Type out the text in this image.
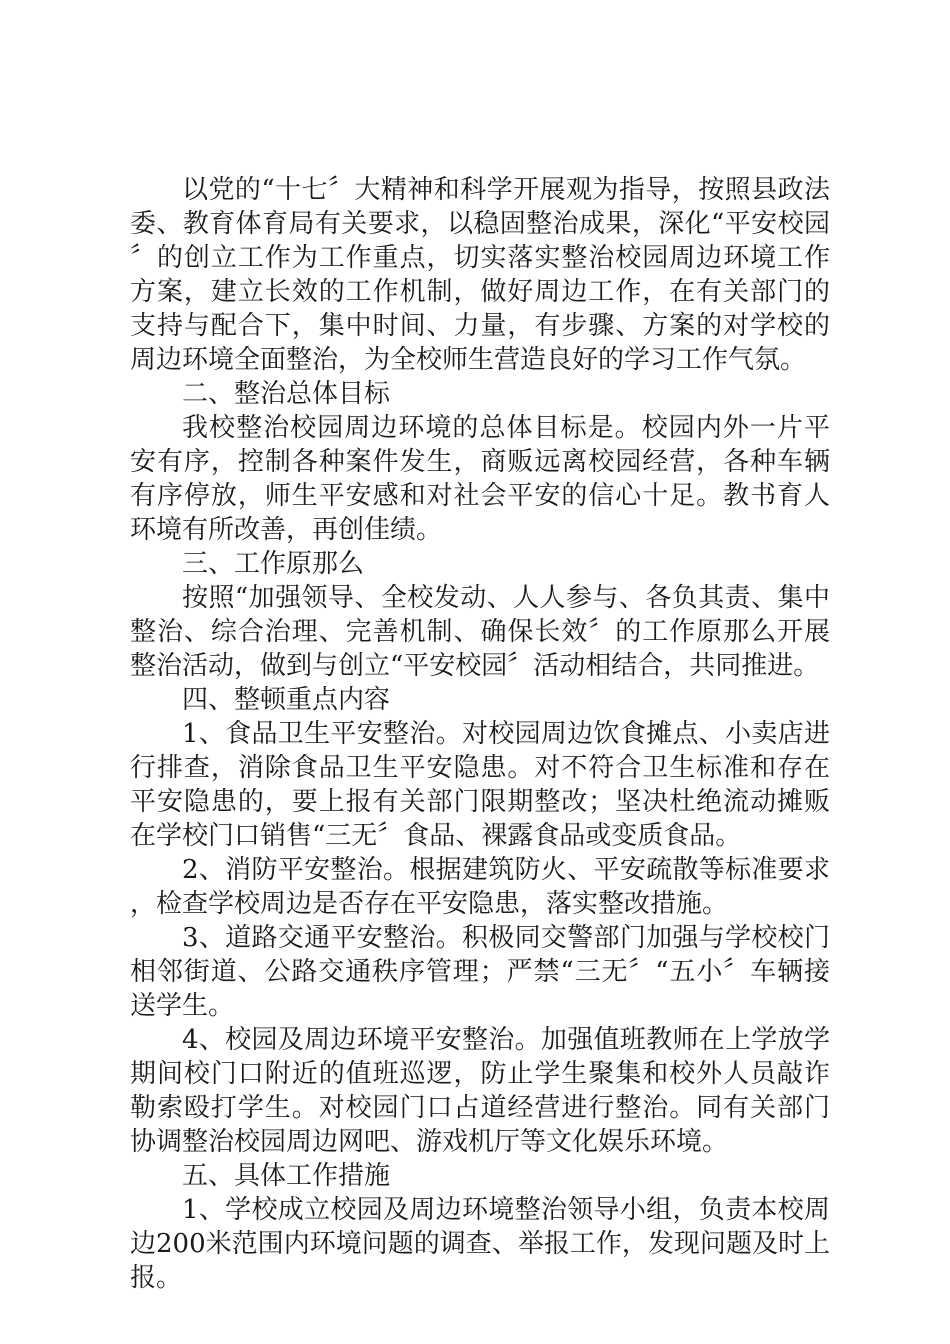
以党的“十七〞大精神和科学开展观为指导，按照县政法委、教育体育局有关要求，以稳固整治成果，深化“平安校园〞的创立工作为工作重点，切实落实整治校园周边环境工作方案，建立长效的工作机制，做好周边工作，在有关部门的支持与配合下，集中时间、力量，有步骤、方案的对学校的周边环境全面整治，为全校师生营造良好的学习工作气氛。

二、整治总体目标

我校整治校园周边环境的总体目标是。校园内外一片平安有序，控制各种案件发生，商贩远离校园经营，各种车辆有序停放，师生平安感和对社会平安的信心十足。教书育人环境有所改善，再创佳绩。

三、工作原那么

按照“加强领导、全校发动、人人参与、各负其责、集中整治、综合治理、完善机制、确保长效〞的工作原那么开展整治活动，做到与创立“平安校园〞活动相结合，共同推进。

四、整顿重点内容

1、食品卫生平安整治。对校园周边饮食摊点、小卖店进行排查，消除食品卫生平安隐患。对不符合卫生标准和存在平安隐患的，要上报有关部门限期整改；坚决杜绝流动摊贩在学校门口销售“三无〞食品、裸露食品或变质食品。

2、消防平安整治。根据建筑防火、平安疏散等标准要求，检查学校周边是否存在平安隐患，落实整改措施。

3、道路交通平安整治。积极同交警部门加强与学校校门相邻街道、公路交通秩序管理；严禁“三无〞“五小〞车辆接送学生。

4、校园及周边环境平安整治。加强值班教师在上学放学期间校门口附近的值班巡逻，防止学生聚集和校外人员敲诈勒索殴打学生。对校园门口占道经营进行整治。同有关部门协调整治校园周边网吧、游戏机厅等文化娱乐环境。

五、具体工作措施

1、学校成立校园及周边环境整治领导小组，负责本校周边200米范围内环境问题的调查、举报工作，发现问题及时上报。
